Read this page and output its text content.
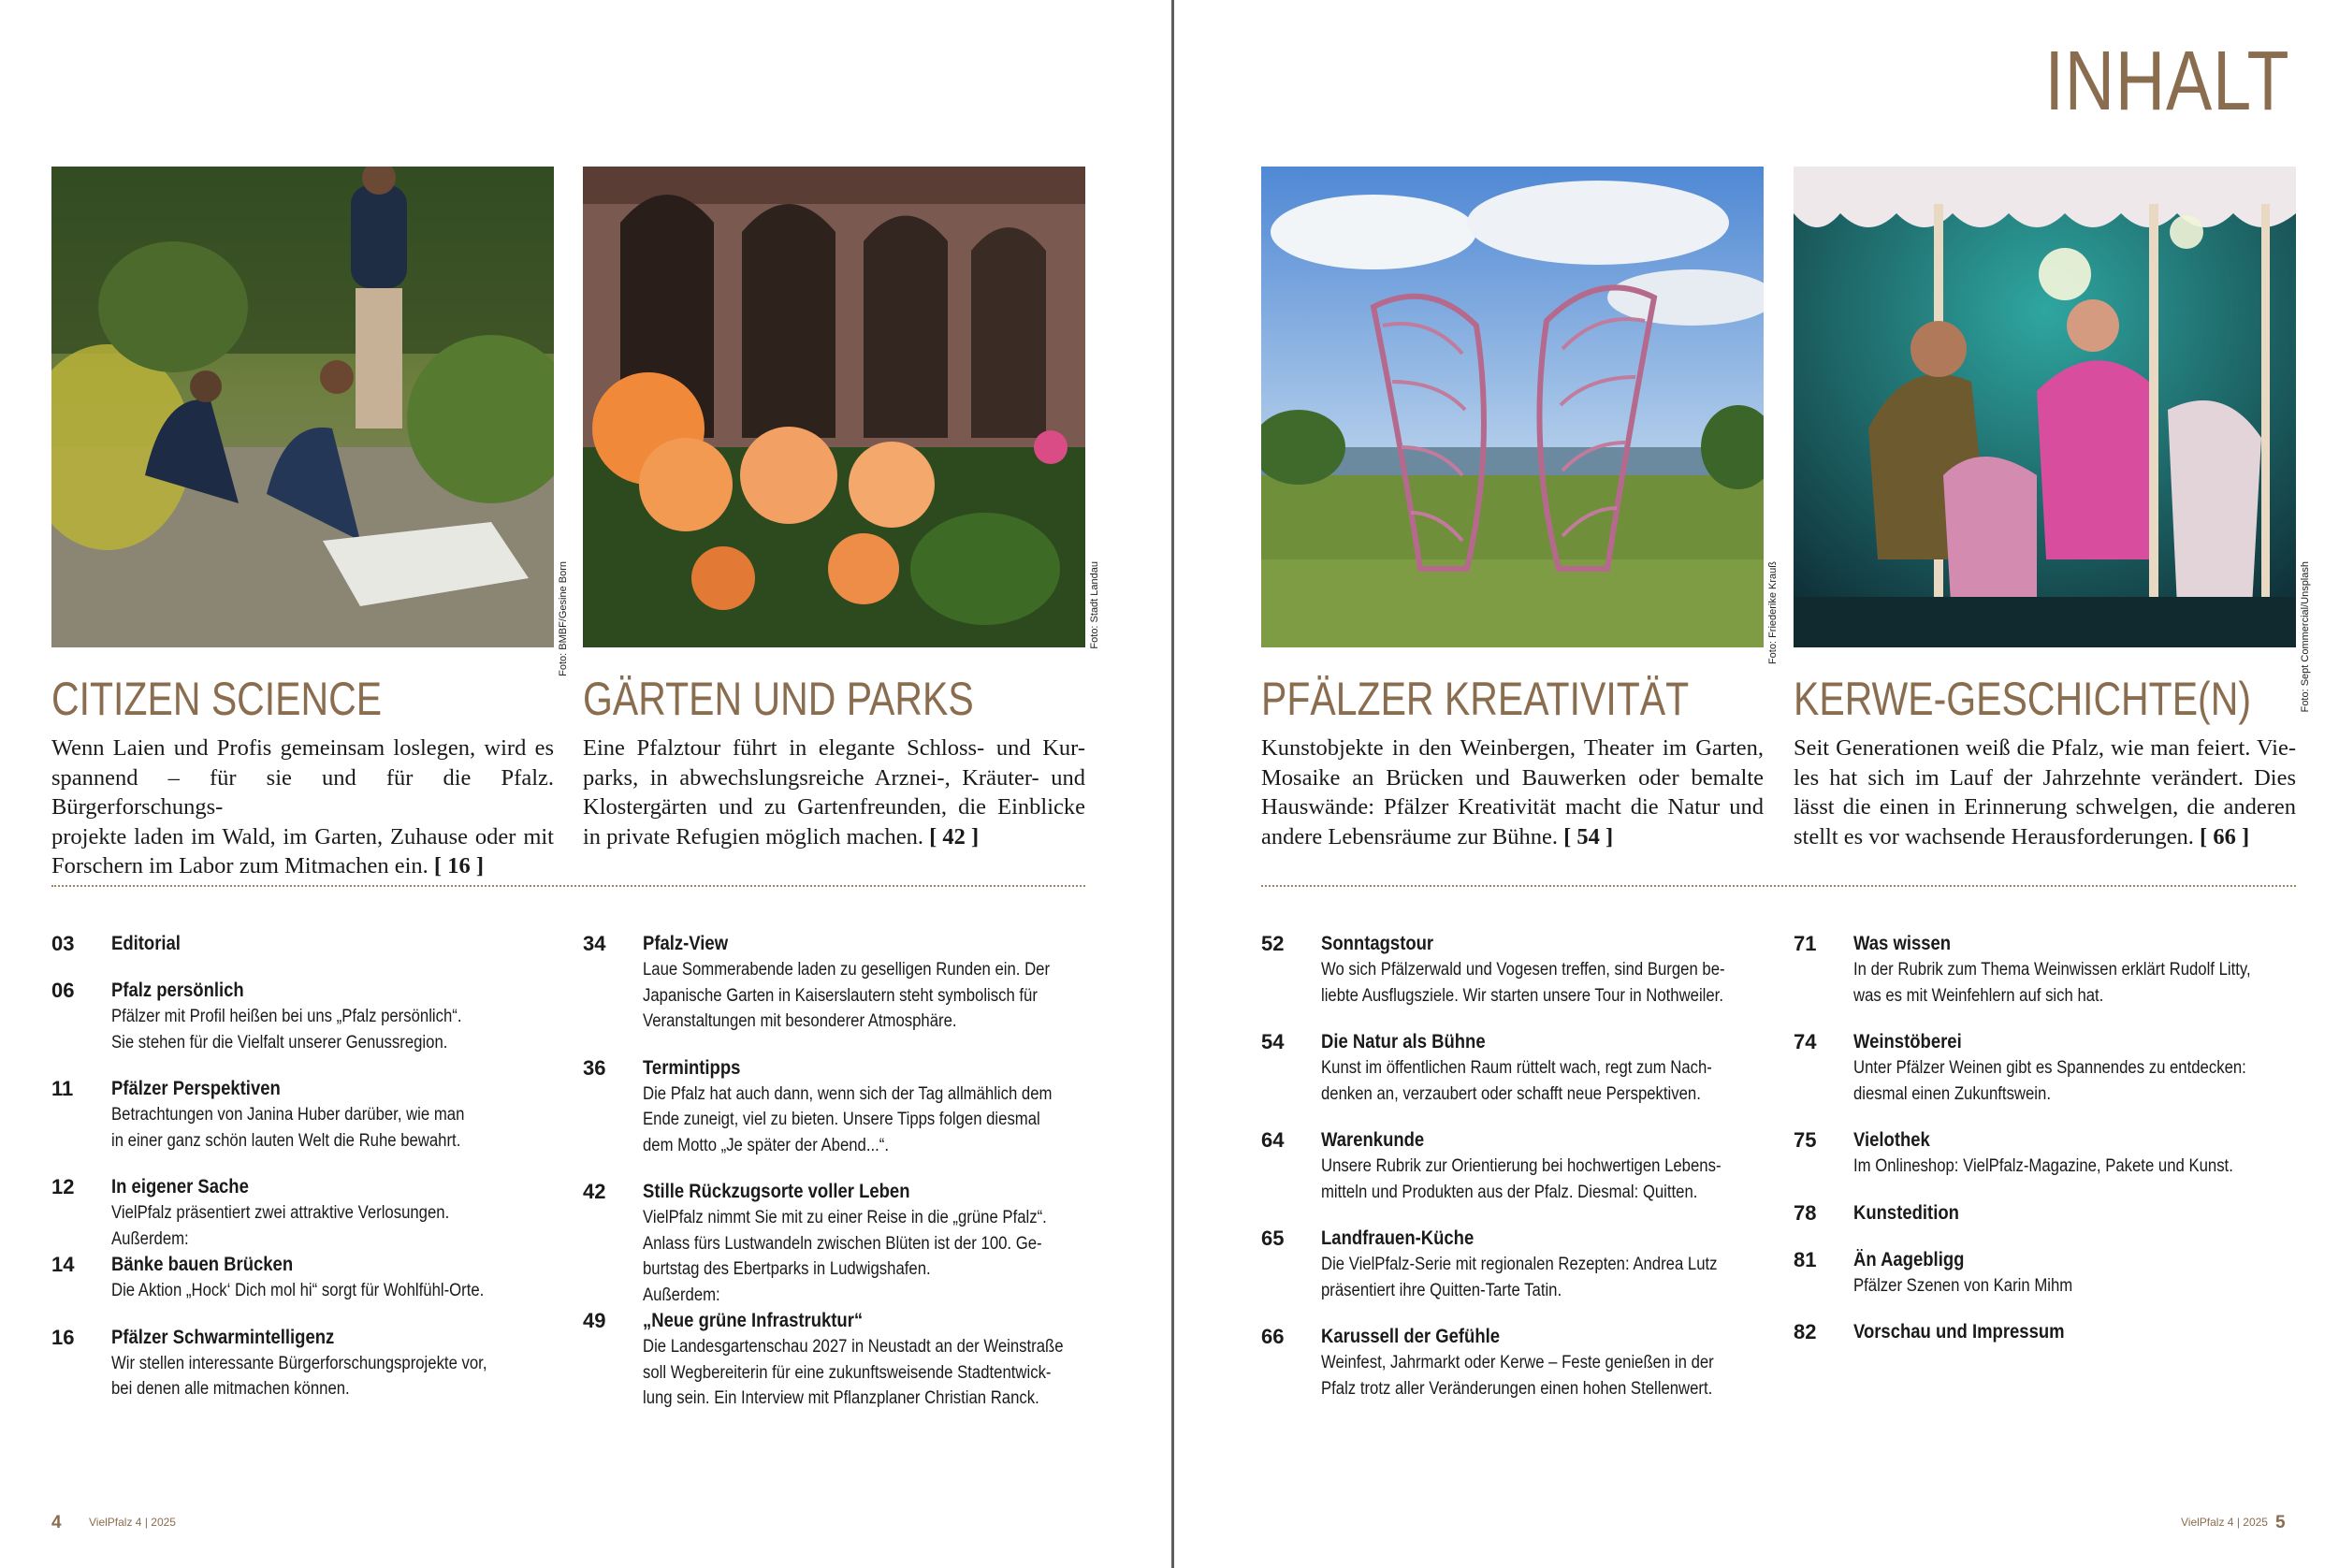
INHALT
Foto: BMBF/Gesine Born	Foto: Stadt Landau	Foto: Friederike Krauß	Foto: Sept Commercial/Unsplash
CITIZEN SCIENCE	GÄRTEN UND PARKS	PFÄLZER KREATIVITÄT KERWE-GESCHICHTE(N)
Wenn Laien und Profis gemeinsam loslegen, wird es
spannend – für sie und für die Pfalz. Bürgerforschungs-
projekte laden im Wald, im Garten, Zuhause oder mit
Forschern im Labor zum Mitmachen ein. [ 16 ]
Eine Pfalztour führt in elegante Schloss- und Kur-
parks, in abwechslungsreiche Arznei-, Kräuter- und
Klostergärten und zu Gartenfreunden, die Einblicke
in private Refugien möglich machen. [ 42 ]
Kunstobjekte in den Weinbergen, Theater im Garten,
Mosaike an Brücken und Bauwerken oder bemalte
Hauswände: Pfälzer Kreativität macht die Natur und
andere Lebensräume zur Bühne. [ 54 ]
Seit Generationen weiß die Pfalz, wie man feiert. Vie-
les hat sich im Lauf der Jahrzehnte verändert. Dies
lässt die einen in Erinnerung schwelgen, die anderen
stellt es vor wachsende Herausforderungen. [ 66 ]
03	Editorial
06	Pfalz persönlich
Pfälzer mit Profil heißen bei uns „Pfalz persönlich“.
Sie stehen für die Vielfalt unserer Genussregion.
11	Pfälzer Perspektiven
Betrachtungen von Janina Huber darüber, wie man
in einer ganz schön lauten Welt die Ruhe bewahrt.
12	In eigener Sache
VielPfalz präsentiert zwei attraktive Verlosungen.
Außerdem:
14	Bänke bauen Brücken
Die Aktion „Hock‘ Dich mol hi“ sorgt für Wohlfühl-Orte.
16	Pfälzer Schwarmintelligenz
Wir stellen interessante Bürgerforschungsprojekte vor,
bei denen alle mitmachen können.
34	Pfalz-View
Laue Sommerabende laden zu geselligen Runden ein. Der
Japanische Garten in Kaiserslautern steht symbolisch für
Veranstaltungen mit besonderer Atmosphäre.
36	Termintipps
Die Pfalz hat auch dann, wenn sich der Tag allmählich dem
Ende zuneigt, viel zu bieten. Unsere Tipps folgen diesmal
dem Motto „Je später der Abend...“.
42	Stille Rückzugsorte voller Leben
VielPfalz nimmt Sie mit zu einer Reise in die „grüne Pfalz“.
Anlass fürs Lustwandeln zwischen Blüten ist der 100. Ge-
burtstag des Ebertparks in Ludwigshafen.
Außerdem:
49	„Neue grüne Infrastruktur“
Die Landesgartenschau 2027 in Neustadt an der Weinstraße
soll Wegbereiterin für eine zukunftsweisende Stadtentwick-
lung sein. Ein Interview mit Pflanzplaner Christian Ranck.
52	Sonntagstour
Wo sich Pfälzerwald und Vogesen treffen, sind Burgen be-
liebte Ausflugsziele. Wir starten unsere Tour in Nothweiler.
54	Die Natur als Bühne
Kunst im öffentlichen Raum rüttelt wach, regt zum Nach-
denken an, verzaubert oder schafft neue Perspektiven.
64	Warenkunde
Unsere Rubrik zur Orientierung bei hochwertigen Lebens-
mitteln und Produkten aus der Pfalz. Diesmal: Quitten.
65	Landfrauen-Küche
Die VielPfalz-Serie mit regionalen Rezepten: Andrea Lutz
präsentiert ihre Quitten-Tarte Tatin.
66	Karussell der Gefühle
Weinfest, Jahrmarkt oder Kerwe – Feste genießen in der
Pfalz trotz aller Veränderungen einen hohen Stellenwert.
71	Was wissen
In der Rubrik zum Thema Weinwissen erklärt Rudolf Litty,
was es mit Weinfehlern auf sich hat.
74	Weinstöberei
Unter Pfälzer Weinen gibt es Spannendes zu entdecken:
diesmal einen Zukunftswein.
75	Vielothek
Im Onlineshop: VielPfalz-Magazine, Pakete und Kunst.
78	Kunstedition
81	Än Aagebligg
Pfälzer Szenen von Karin Mihm
82	Vorschau und Impressum
4 VielPfalz 4 | 2025	VielPfalz 4 | 2025 5
